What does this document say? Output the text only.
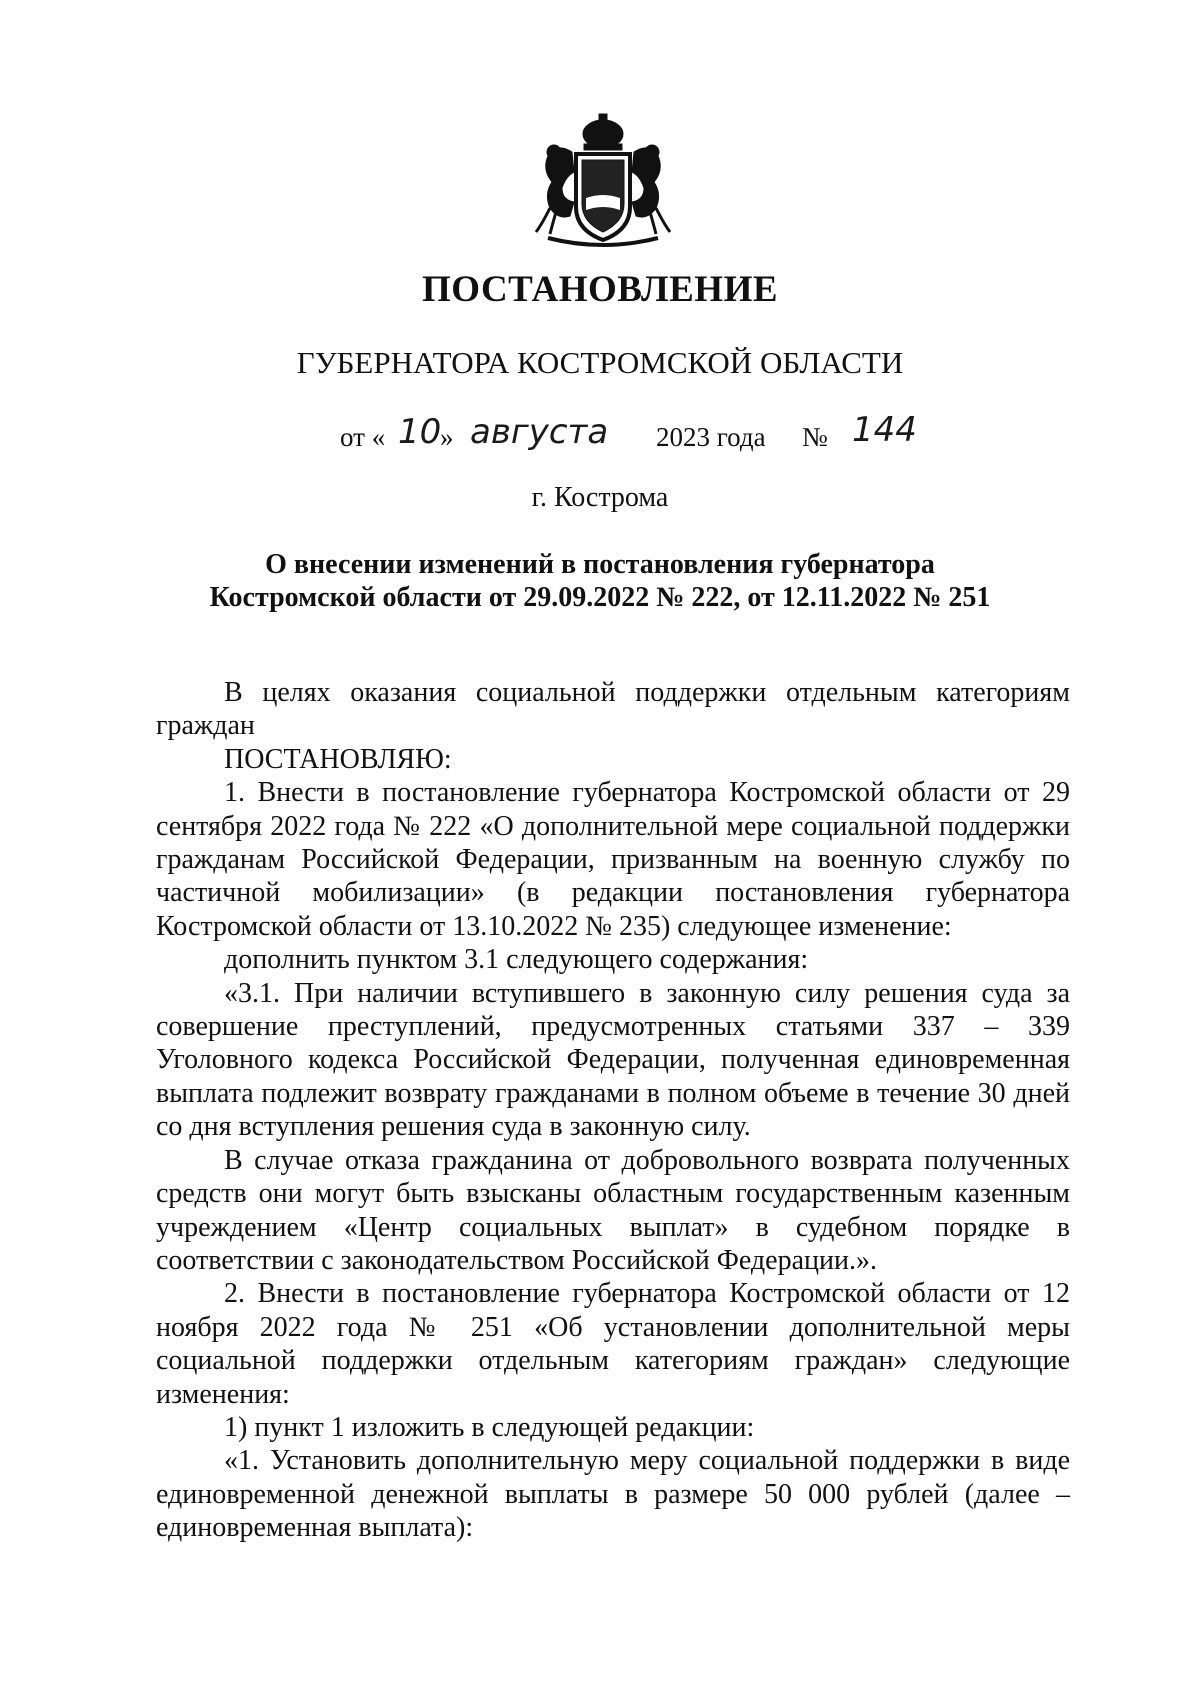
ПОСТАНОВЛЕНИЕ
ГУБЕРНАТОРА КОСТРОМСКОЙ ОБЛАСТИ
от « 10
» августа 2023 года № 144
г. Кострома
О внесении изменений в постановления губернатора
Костромской области от 29.09.2022 № 222, от 12.11.2022 № 251

В целях оказания социальной поддержки отдельным категориям граждан

ПОСТАНОВЛЯЮ:

1. Внести в постановление губернатора Костромской области от 29 сентября 2022 года № 222 «О дополнительной мере социальной поддержки гражданам Российской Федерации, призванным на военную службу по частичной мобилизации» (в редакции постановления губернатора Костромской области от 13.10.2022 № 235) следующее изменение:

дополнить пунктом 3.1 следующего содержания:

«3.1. При наличии вступившего в законную силу решения суда за совершение преступлений, предусмотренных статьями 337 – 339 Уголовного кодекса Российской Федерации, полученная единовременная выплата подлежит возврату гражданами в полном объеме в течение 30 дней со дня вступления решения суда в законную силу.

В случае отказа гражданина от добровольного возврата полученных средств они могут быть взысканы областным государственным казенным учреждением «Центр социальных выплат» в судебном порядке в соответствии с законодательством Российской Федерации.».

2. Внести в постановление губернатора Костромской области от 12 ноября 2022 года № 251 «Об установлении дополнительной меры социальной поддержки отдельным категориям граждан» следующие изменения:

1) пункт 1 изложить в следующей редакции:

«1. Установить дополнительную меру социальной поддержки в виде единовременной денежной выплаты в размере 50 000 рублей (далее – единовременная выплата):
